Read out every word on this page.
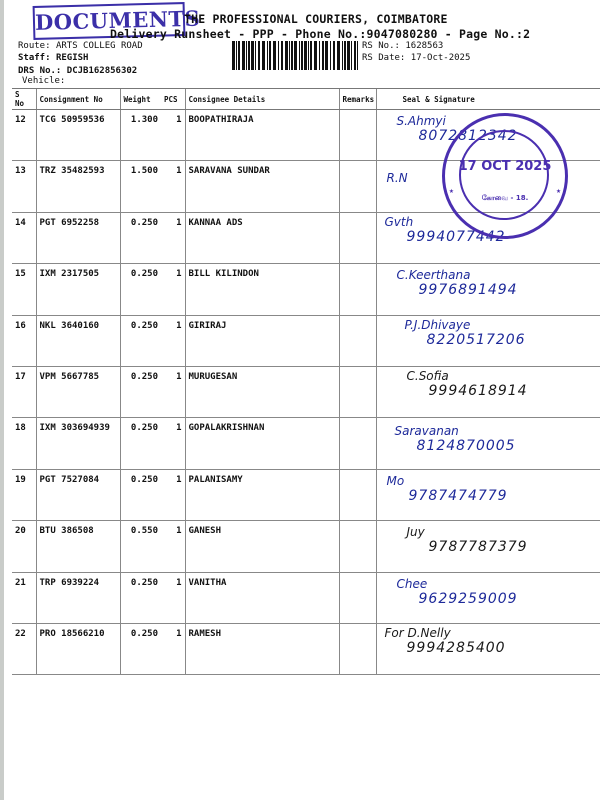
DOCUMENTS
THE PROFESSIONAL COURIERS, COIMBATORE
Delivery Runsheet - PPP - Phone No.:9047080280 - Page No.:2
Route: ARTS COLLEG ROAD
Staff: REGISH
DRS No.: DCJB162856302
Vehicle:
RS No.: 1628563
RS Date: 17-Oct-2025
S No	Consignment No	Weight	PCS	Consignee Details	Remarks	Seal & Signature
12	TCG 50959536	1.300	1	BOOPATHIRAJA		S.Ahmyi
8072812342

13	TRZ 35482593	1.500	1	SARAVANA SUNDAR		R.N

14	PGT 6952258	0.250	1	KANNAA ADS		Gvth
9994077442

15	IXM 2317505	0.250	1	BILL KILINDON		C.Keerthana
9976891494

16	NKL 3640160	0.250	1	GIRIRAJ		P.J.Dhivaye
8220517206

17	VPM 5667785	0.250	1	MURUGESAN		C.Sofia
9994618914

18	IXM 303694939	0.250	1	GOPALAKRISHNAN		Saravanan
8124870005

19	PGT 7527084	0.250	1	PALANISAMY		Mo
9787474779

20	BTU 386508	0.550	1	GANESH		Juy
9787787379

21	TRP 6939224	0.250	1	VANITHA		Chee
9629259009

22	PRO 18566210	0.250	1	RAMESH		For D.Nelly
9994285400
17 OCT 2025
கோவை - 18.
★	★
